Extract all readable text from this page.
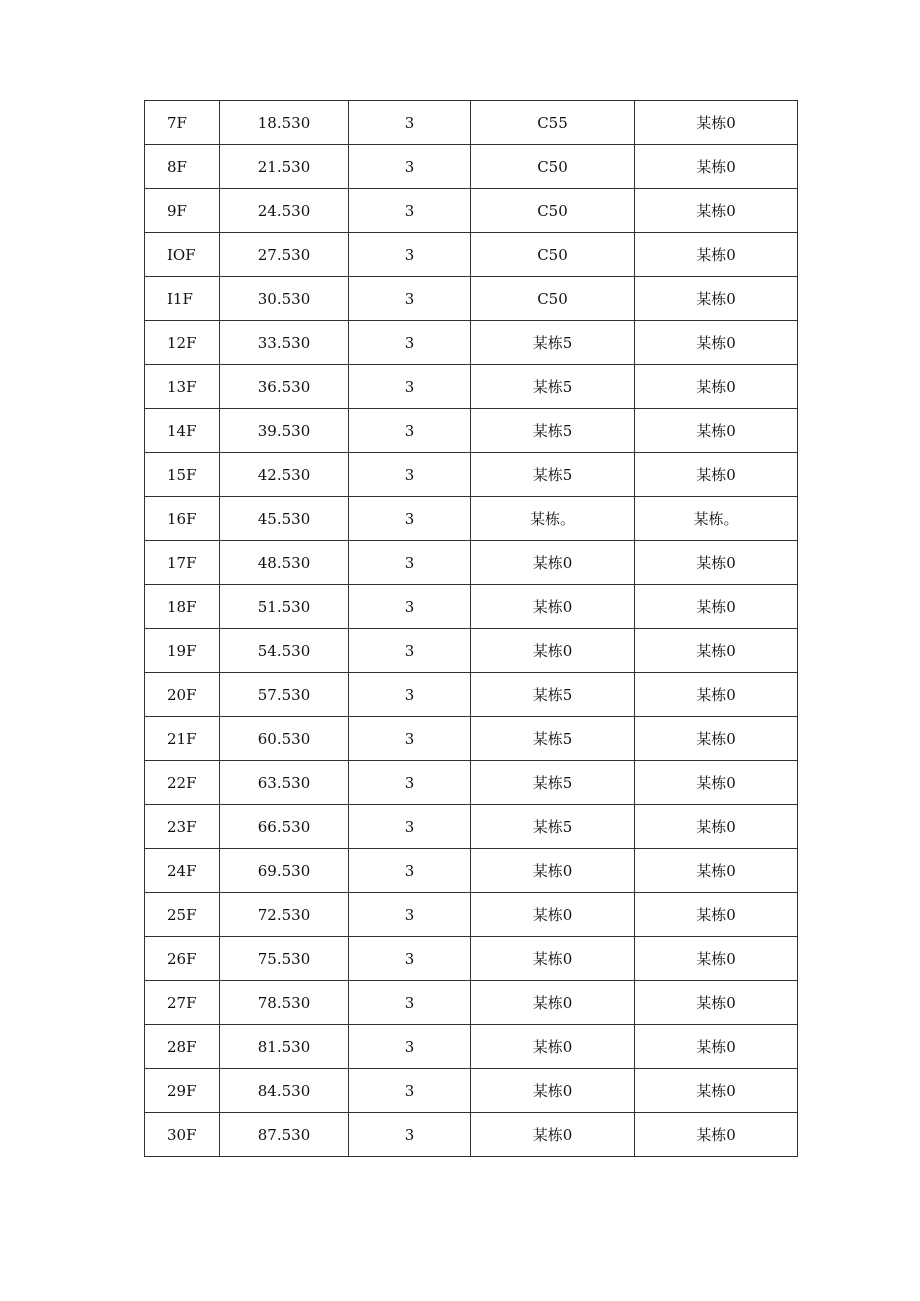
7F	18.530	3	C55	某栋0
8F	21.530	3	C50	某栋0
9F	24.530	3	C50	某栋0
IOF	27.530	3	C50	某栋0
I1F	30.530	3	C50	某栋0
12F	33.530	3	某栋5	某栋0
13F	36.530	3	某栋5	某栋0
14F	39.530	3	某栋5	某栋0
15F	42.530	3	某栋5	某栋0
16F	45.530	3	某栋。	某栋。
17F	48.530	3	某栋0	某栋0
18F	51.530	3	某栋0	某栋0
19F	54.530	3	某栋0	某栋0
20F	57.530	3	某栋5	某栋0
21F	60.530	3	某栋5	某栋0
22F	63.530	3	某栋5	某栋0
23F	66.530	3	某栋5	某栋0
24F	69.530	3	某栋0	某栋0
25F	72.530	3	某栋0	某栋0
26F	75.530	3	某栋0	某栋0
27F	78.530	3	某栋0	某栋0
28F	81.530	3	某栋0	某栋0
29F	84.530	3	某栋0	某栋0
30F	87.530	3	某栋0	某栋0
